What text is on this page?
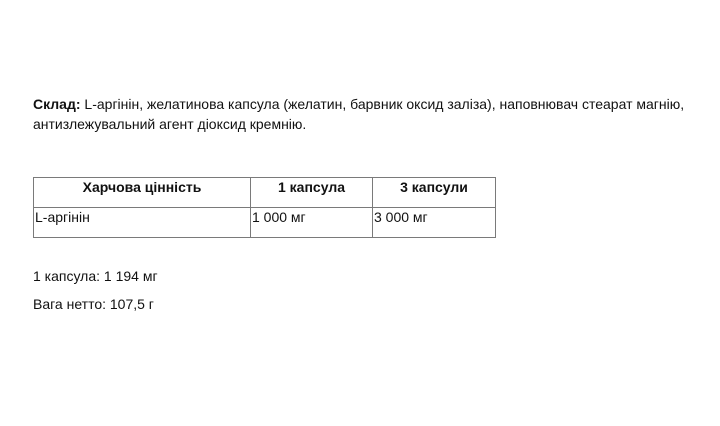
Склад: L-аргінін, желатинова капсула (желатин, барвник оксид заліза), наповнювач стеарат магнію, антизлежувальний агент діоксид кремнію.

Харчова цінність	1 капсула	3 капсули
L-аргінін	1 000 мг	3 000 мг

1 капсула: 1 194 мг

Вага нетто: 107,5 г
